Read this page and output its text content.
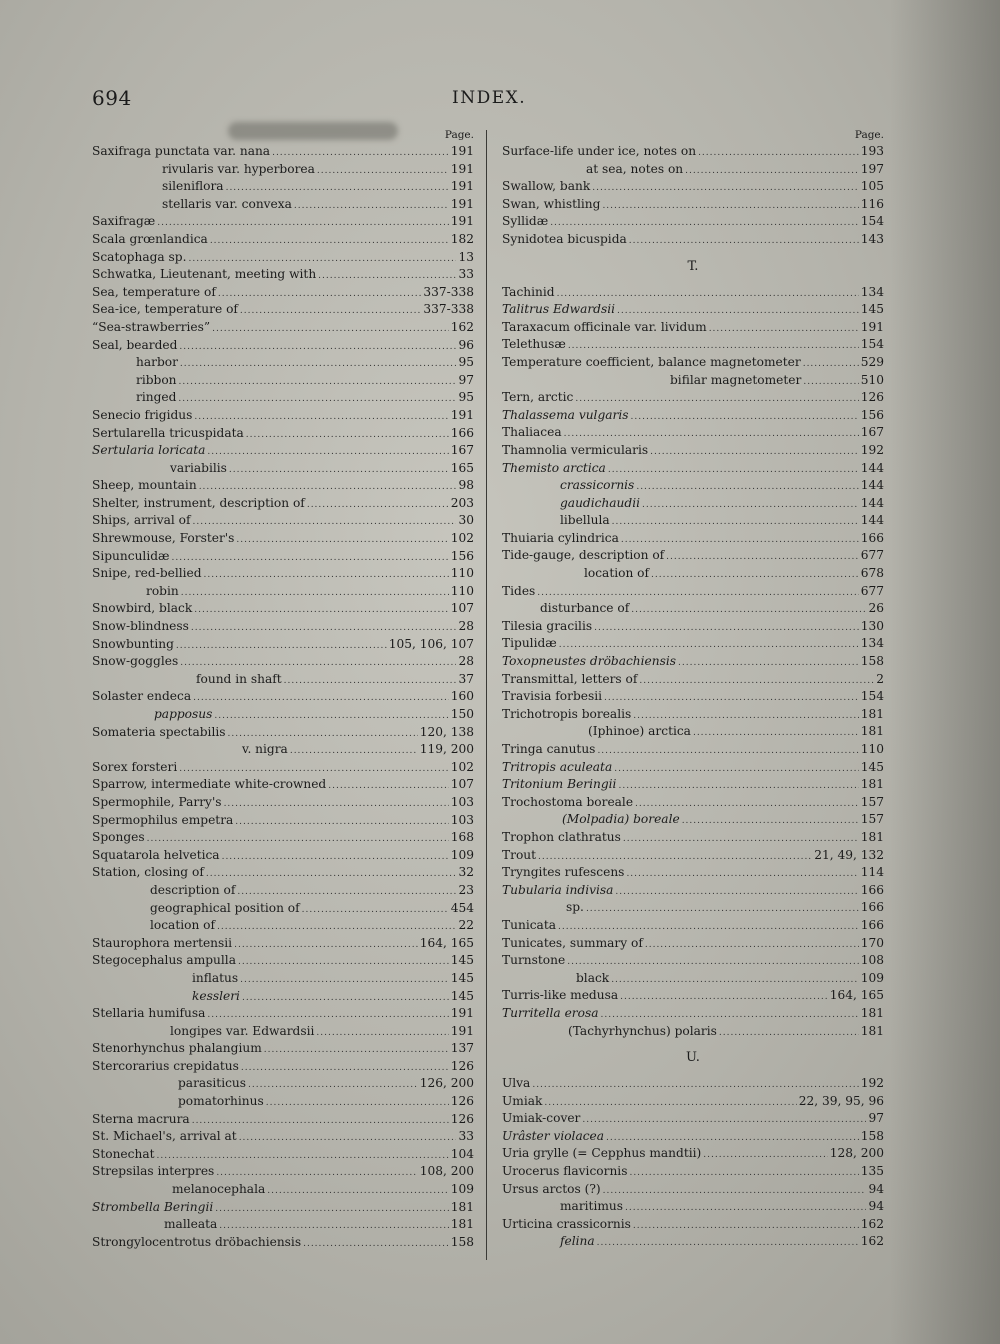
694	INDEX.
Page.
Saxifraga punctata var. nana .....	191
rivularis var. hyperborea .....	191
sileniflora .....	191
stellaris var. convexa .....	191
Saxifragæ .....	191
Scala grœnlandica .....	182
Scatophaga sp. .....	13
Schwatka, Lieutenant, meeting with .....	33
Sea, temperature of .....	337-338
Sea-ice, temperature of .....	337-338
“Sea-strawberries” .....	162
Seal, bearded .....	96
harbor .....	95
ribbon .....	97
ringed .....	95
Senecio frigidus .....	191
Sertularella tricuspidata .....	166
Sertularia loricata .....	167
variabilis .....	165
Sheep, mountain .....	98
Shelter, instrument, description of .....	203
Ships, arrival of .....	30
Shrewmouse, Forster's .....	102
Sipunculidæ .....	156
Snipe, red-bellied .....	110
robin .....	110
Snowbird, black .....	107
Snow-blindness .....	28
Snowbunting .....	105, 106, 107
Snow-goggles .....	28
found in shaft .....	37
Solaster endeca .....	160
papposus .....	150
Somateria spectabilis .....	120, 138
v. nigra .....	119, 200
Sorex forsteri .....	102
Sparrow, intermediate white-crowned .....	107
Spermophile, Parry's .....	103
Spermophilus empetra .....	103
Sponges .....	168
Squatarola helvetica .....	109
Station, closing of .....	32
description of .....	23
geographical position of .....	454
location of .....	22
Staurophora mertensii .....	164, 165
Stegocephalus ampulla .....	145
inflatus .....	145
kessleri .....	145
Stellaria humifusa .....	191
longipes var. Edwardsii .....	191
Stenorhynchus phalangium .....	137
Stercorarius crepidatus .....	126
parasiticus .....	126, 200
pomatorhinus .....	126
Sterna macrura .....	126
St. Michael's, arrival at .....	33
Stonechat .....	104
Strepsilas interpres .....	108, 200
melanocephala .....	109
Strombella Beringii .....	181
malleata .....	181
Strongylocentrotus dröbachiensis .....	158
Page.
Surface-life under ice, notes on .....	193
at sea, notes on .....	197
Swallow, bank .....	105
Swan, whistling .....	116
Syllidæ .....	154
Synidotea bicuspida .....	143
T.
Tachinid .....	134
Talitrus Edwardsii .....	145
Taraxacum officinale var. lividum .....	191
Telethusæ .....	154
Temperature coefficient, balance magnetometer .....	529
bifilar magnetometer .....	510
Tern, arctic .....	126
Thalassema vulgaris .....	156
Thaliacea .....	167
Thamnolia vermicularis .....	192
Themisto arctica .....	144
crassicornis .....	144
gaudichaudii .....	144
libellula .....	144
Thuiaria cylindrica .....	166
Tide-gauge, description of .....	677
location of .....	678
Tides .....	677
disturbance of .....	26
Tilesia gracilis .....	130
Tipulidæ .....	134
Toxopneustes dröbachiensis .....	158
Transmittal, letters of .....	2
Travisia forbesii .....	154
Trichotropis borealis .....	181
(Iphinoe) arctica .....	181
Tringa canutus .....	110
Tritropis aculeata .....	145
Tritonium Beringii .....	181
Trochostoma boreale .....	157
(Molpadia) boreale .....	157
Trophon clathratus .....	181
Trout .....	21, 49, 132
Tryngites rufescens .....	114
Tubularia indivisa .....	166
sp. .....	166
Tunicata .....	166
Tunicates, summary of .....	170
Turnstone .....	108
black .....	109
Turris-like medusa .....	164, 165
Turritella erosa .....	181
(Tachyrhynchus) polaris .....	181
U.
Ulva .....	192
Umiak .....	22, 39, 95, 96
Umiak-cover .....	97
Urâster violacea .....	158
Uria grylle (= Cepphus mandtii) .....	128, 200
Urocerus flavicornis .....	135
Ursus arctos (?) .....	94
maritimus .....	94
Urticina crassicornis .....	162
felina .....	162
